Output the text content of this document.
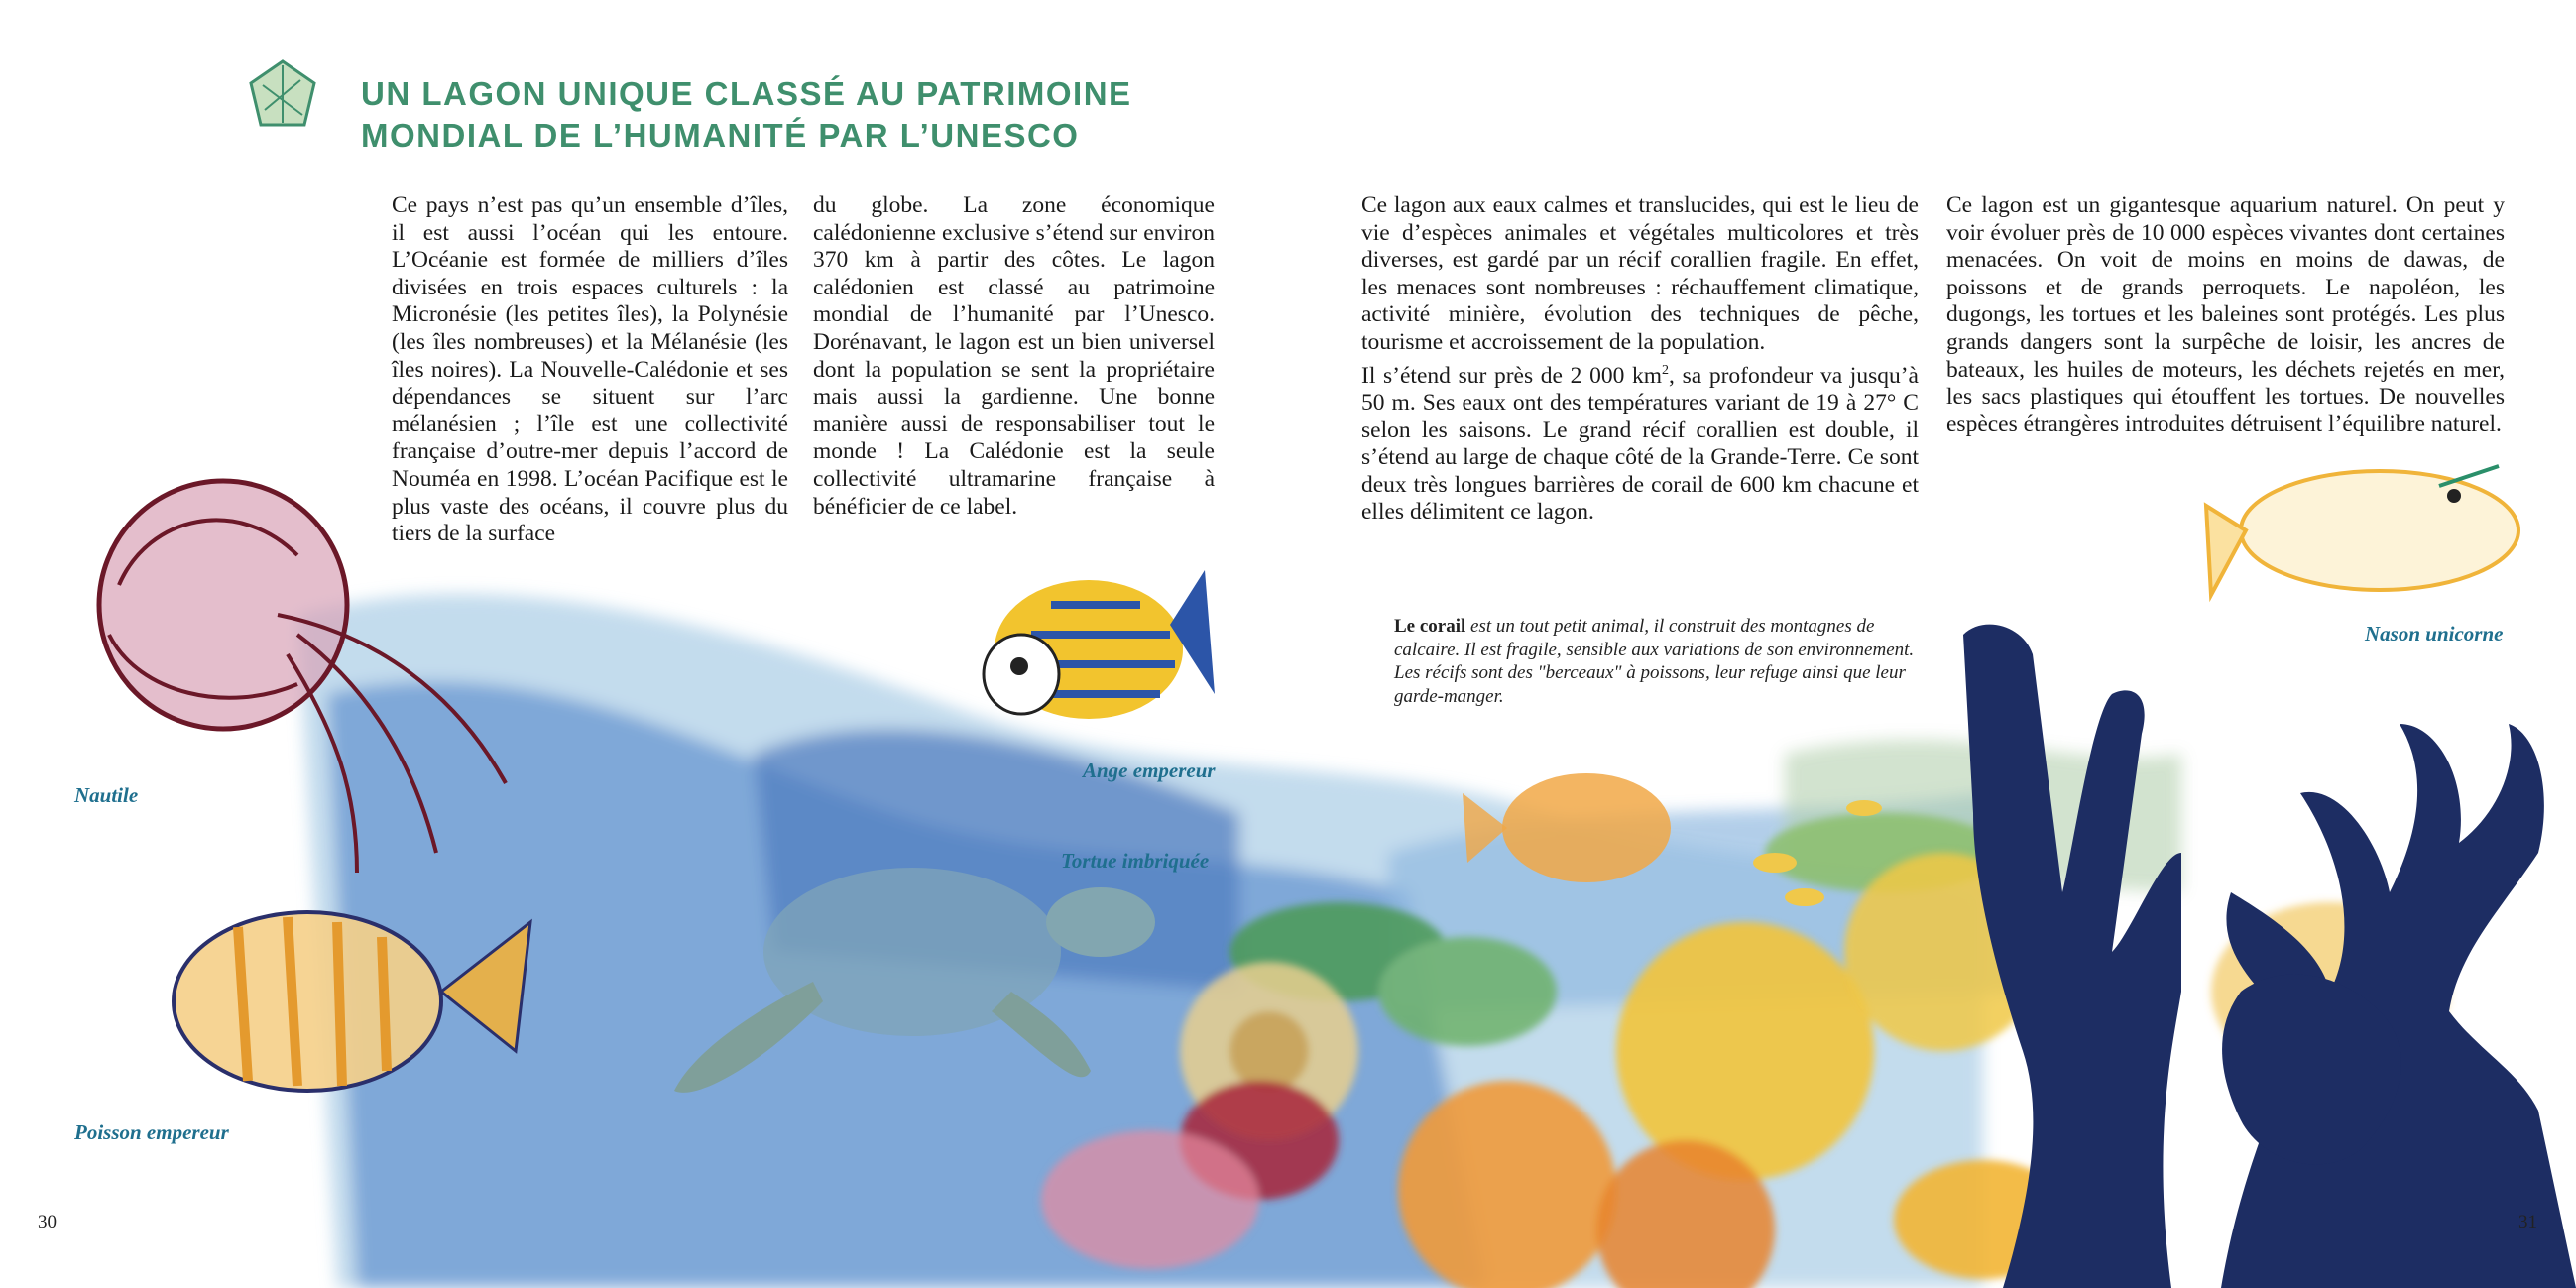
UN LAGON UNIQUE CLASSÉ AU PATRIMOINE
MONDIAL DE L’HUMANITÉ PAR L’UNESCO

Ce pays n’est pas qu’un ensemble d’îles, il est aussi l’océan qui les entoure. L’Océanie est formée de milliers d’îles divisées en trois espaces culturels : la Micronésie (les petites îles), la Polynésie (les îles nombreuses) et la Mélanésie (les îles noires). La Nouvelle-Calédonie et ses dépendances se situent sur l’arc mélanésien ; l’île est une collectivité française d’outre-mer depuis l’accord de Nouméa en 1998. L’océan Pacifique est le plus vaste des océans, il couvre plus du tiers de la surface

du globe. La zone économique calédonienne exclusive s’étend sur environ 370 km à partir des côtes. Le lagon calédonien est classé au patrimoine mondial de l’humanité par l’Unesco. Dorénavant, le lagon est un bien universel dont la population se sent la propriétaire mais aussi la gardienne. Une bonne manière aussi de responsabiliser tout le monde ! La Calédonie est la seule collectivité ultramarine française à bénéficier de ce label.

Ce lagon aux eaux calmes et translucides, qui est le lieu de vie d’espèces animales et végétales multicolores et très diverses, est gardé par un récif corallien fragile. En effet, les menaces sont nombreuses : réchauffement climatique, activité minière, évolution des techniques de pêche, tourisme et accroissement de la population.

Il s’étend sur près de 2 000 $km^2$, sa profondeur va jusqu’à 50 m. Ses eaux ont des températures variant de 19 à 27° C selon les saisons. Le grand récif corallien est double, il s’étend au large de chaque côté de la Grande-Terre. Ce sont deux très longues barrières de corail de 600 km chacune et elles délimitent ce lagon.

Ce lagon est un gigantesque aquarium naturel. On peut y voir évoluer près de 10 000 espèces vivantes dont certaines menacées. On voit de moins en moins de dawas, de poissons et de grands perroquets. Le napoléon, les dugongs, les tortues et les baleines sont protégés. Les plus grands dangers sont la surpêche de loisir, les ancres de bateaux, les huiles de moteurs, les déchets rejetés en mer, les sacs plastiques qui étouffent les tortues. De nouvelles espèces étrangères introduites détruisent l’équilibre naturel.

Le corail est un tout petit animal, il construit des montagnes de calcaire. Il est fragile, sensible aux variations de son environnement. Les récifs sont des "berceaux" à poissons, leur refuge ainsi que leur garde-manger.
Nautile
Poisson empereur
Ange empereur
Tortue imbriquée
Nason unicorne
30	31
